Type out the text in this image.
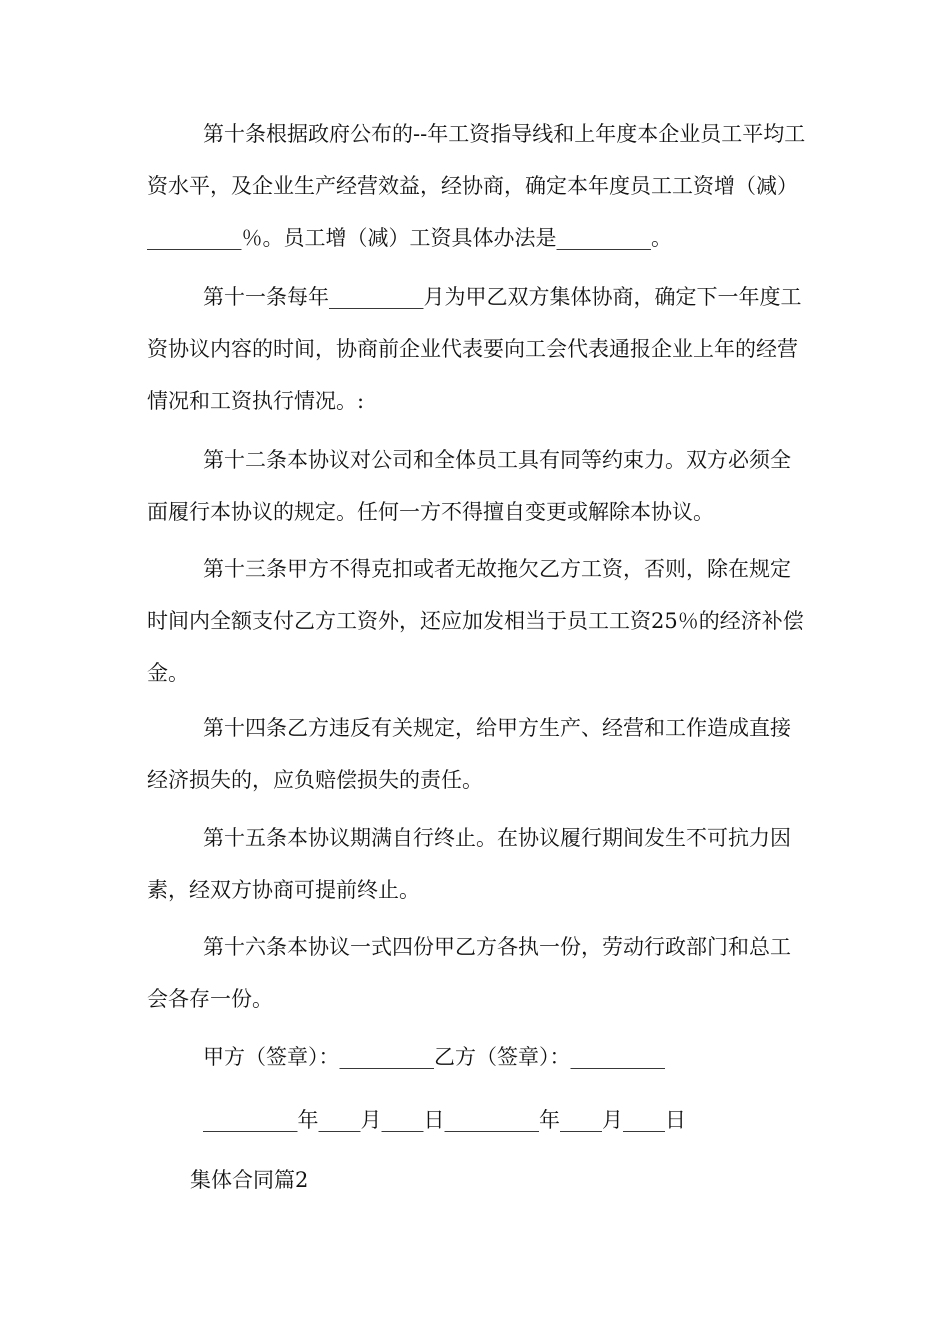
第十条根据政府公布的--年工资指导线和上年度本企业员工平均工资水平，及企业生产经营效益，经协商，确定本年度员工工资增（减）_________％。员工增（减）工资具体办法是_________。

第十一条每年_________月为甲乙双方集体协商，确定下一年度工资协议内容的时间，协商前企业代表要向工会代表通报企业上年的经营情况和工资执行情况。:

第十二条本协议对公司和全体员工具有同等约束力。双方必须全面履行本协议的规定。任何一方不得擅自变更或解除本协议。

第十三条甲方不得克扣或者无故拖欠乙方工资，否则，除在规定时间内全额支付乙方工资外，还应加发相当于员工工资25％的经济补偿金。

第十四条乙方违反有关规定，给甲方生产、经营和工作造成直接经济损失的，应负赔偿损失的责任。

第十五条本协议期满自行终止。在协议履行期间发生不可抗力因素，经双方协商可提前终止。

第十六条本协议一式四份甲乙方各执一份，劳动行政部门和总工会各存一份。

甲方（签章）：_________乙方（签章）：_________

_________年____月____日_________年____月____日

集体合同篇2
